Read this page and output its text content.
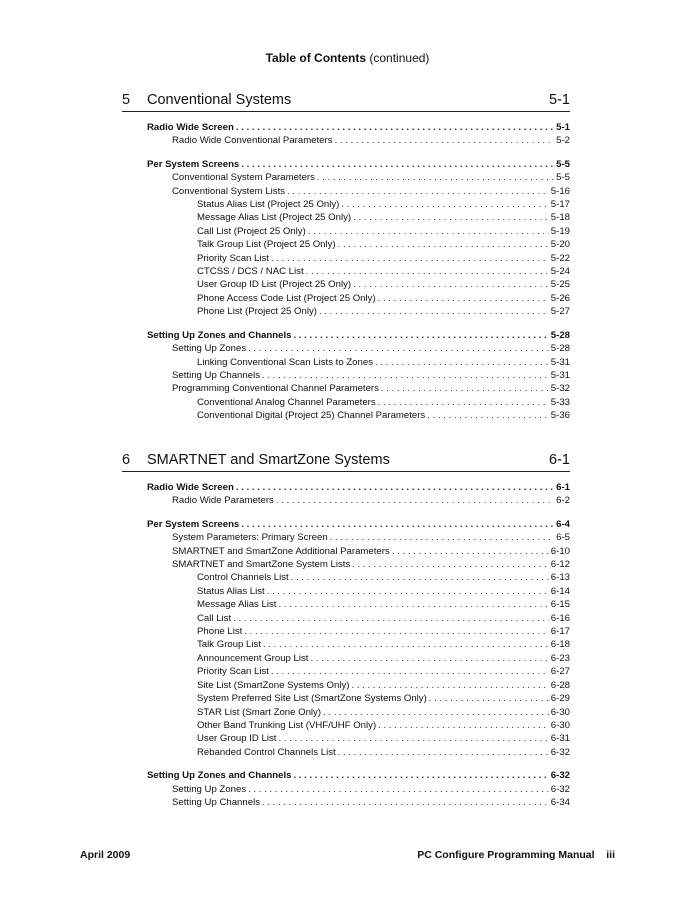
Table of Contents (continued)
5	Conventional Systems	5-1
Radio Wide Screen . . .	5-1
Radio Wide Conventional Parameters . . .	5-2
Per System Screens . . .	5-5
Conventional System Parameters . . .	5-5
Conventional System Lists . . .	5-16
Status Alias List (Project 25 Only) . . .	5-17
Message Alias List (Project 25 Only) . . .	5-18
Call List (Project 25 Only) . . .	5-19
Talk Group List (Project 25 Only) . . .	5-20
Priority Scan List . . .	5-22
CTCSS / DCS / NAC List . . .	5-24
User Group ID List (Project 25 Only) . . .	5-25
Phone Access Code List (Project 25 Only) . . .	5-26
Phone List (Project 25 Only) . . .	5-27
Setting Up Zones and Channels . . .	5-28
Setting Up Zones . . .	5-28
Linking Conventional Scan Lists to Zones . . .	5-31
Setting Up Channels . . .	5-31
Programming Conventional Channel Parameters . . .	5-32
Conventional Analog Channel Parameters . . .	5-33
Conventional Digital (Project 25) Channel Parameters . . .	5-36
6	SMARTNET and SmartZone Systems	6-1
Radio Wide Screen . . .	6-1
Radio Wide Parameters . . .	6-2
Per System Screens . . .	6-4
System Parameters: Primary Screen . . .	6-5
SMARTNET and SmartZone Additional Parameters . . .	6-10
SMARTNET and SmartZone System Lists . . .	6-12
Control Channels List . . .	6-13
Status Alias List . . .	6-14
Message Alias List . . .	6-15
Call List . . .	6-16
Phone List . . .	6-17
Talk Group List . . .	6-18
Announcement Group List . . .	6-23
Priority Scan List . . .	6-27
Site List (SmartZone Systems Only) . . .	6-28
System Preferred Site List (SmartZone Systems Only) . . .	6-29
STAR List (Smart Zone Only) . . .	6-30
Other Band Trunking List (VHF/UHF Only) . . .	6-30
User Group ID List . . .	6-31
Rebanded Control Channels List . . .	6-32
Setting Up Zones and Channels . . .	6-32
Setting Up Zones . . .	6-32
Setting Up Channels . . .	6-34
April 2009	PC Configure Programming Manual iii
